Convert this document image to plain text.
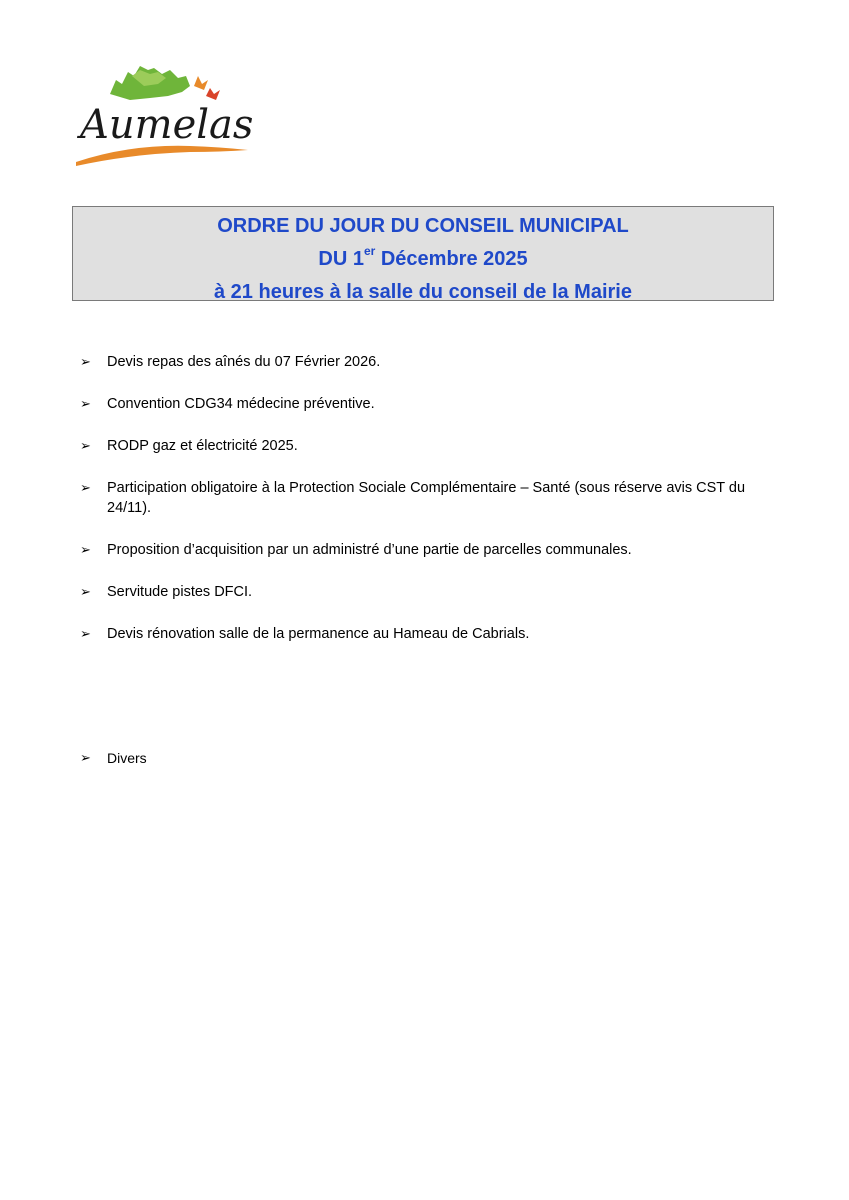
Aumelas
ORDRE DU JOUR DU CONSEIL MUNICIPAL
DU 1er Décembre 2025
à 21 heures à la salle du conseil de la Mairie
➢ Devis repas des aînés du 07 Février 2026.
➢ Convention CDG34 médecine préventive.
➢ RODP gaz et électricité 2025.
➢ Participation obligatoire à la Protection Sociale Complémentaire – Santé (sous réserve avis CST du 24/11).
➢ Proposition d’acquisition par un administré d’une partie de parcelles communales.
➢ Servitude pistes DFCI.
➢ Devis rénovation salle de la permanence au Hameau de Cabrials.
➢ Divers
